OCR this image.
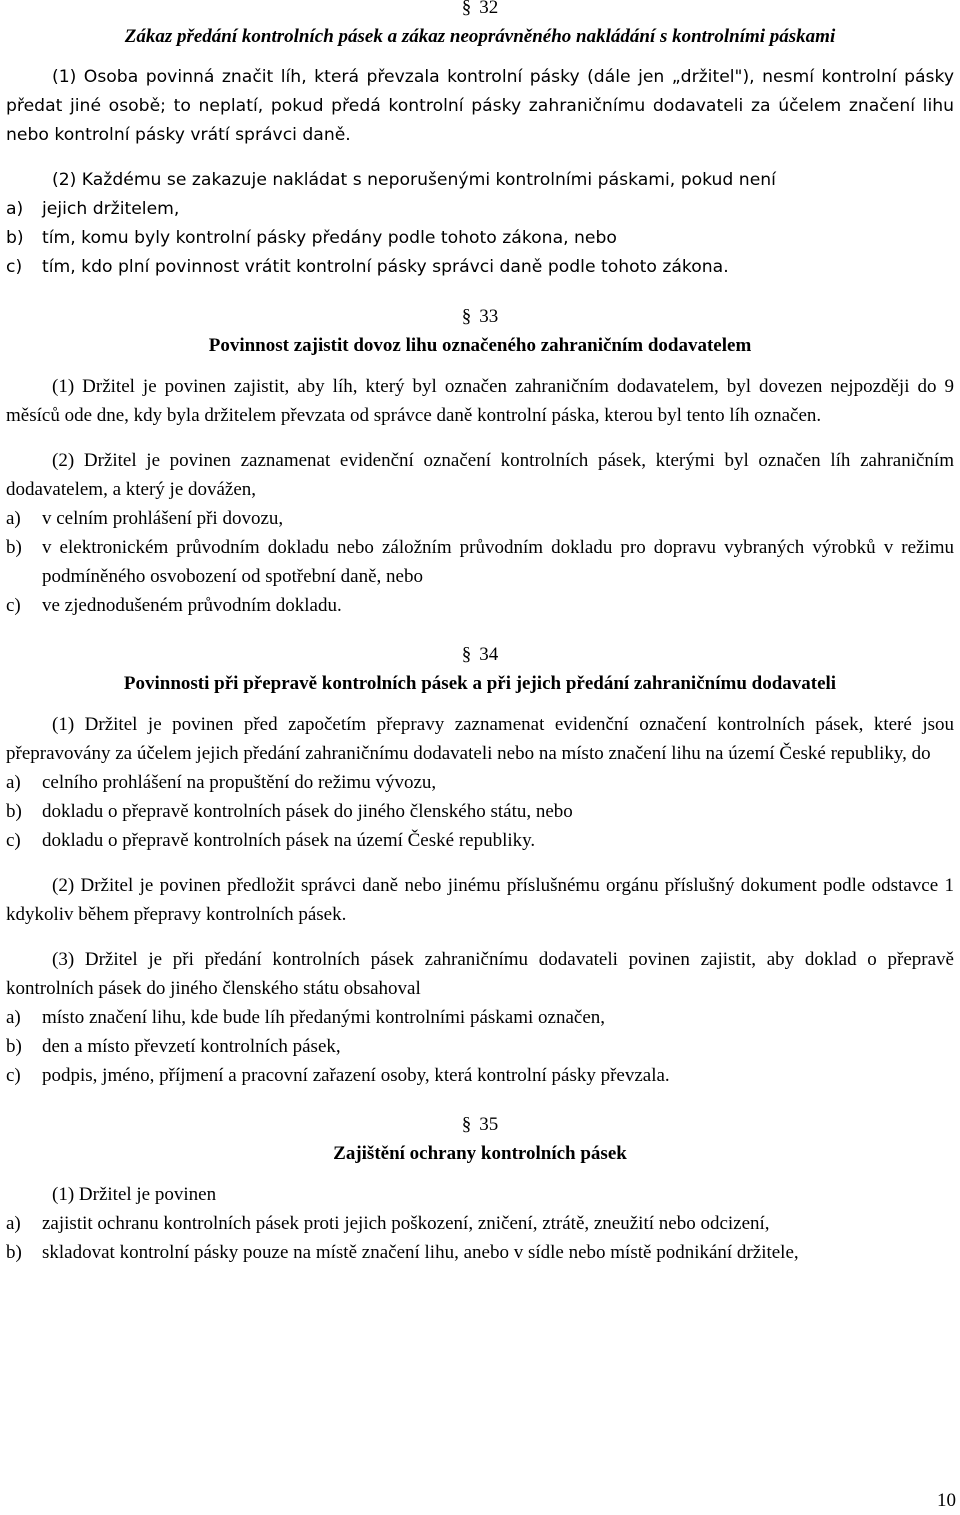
§ 32
Zákaz předání kontrolních pásek a zákaz neoprávněného nakládání s kontrolními páskami

(1) Osoba povinná značit líh, která převzala kontrolní pásky (dále jen „držitel"), nesmí kontrolní pásky předat jiné osobě; to neplatí, pokud předá kontrolní pásky zahraničnímu dodavateli za účelem značení lihu nebo kontrolní pásky vrátí správci daně.

(2) Každému se zakazuje nakládat s neporušenými kontrolními páskami, pokud není

a)	jejich držitelem,
b)	tím, komu byly kontrolní pásky předány podle tohoto zákona, nebo
c)	tím, kdo plní povinnost vrátit kontrolní pásky správci daně podle tohoto zákona.
§ 33
Povinnost zajistit dovoz lihu označeného zahraničním dodavatelem

(1) Držitel je povinen zajistit, aby líh, který byl označen zahraničním dodavatelem, byl dovezen nejpozději do 9 měsíců ode dne, kdy byla držitelem převzata od správce daně kontrolní páska, kterou byl tento líh označen.

(2) Držitel je povinen zaznamenat evidenční označení kontrolních pásek, kterými byl označen líh zahraničním dodavatelem, a který je dovážen,

a)	v celním prohlášení při dovozu,
b)	v elektronickém průvodním dokladu nebo záložním průvodním dokladu pro dopravu vybraných výrobků v režimu podmíněného osvobození od spotřební daně, nebo
c)	ve zjednodušeném průvodním dokladu.
§ 34
Povinnosti při přepravě kontrolních pásek a při jejich předání zahraničnímu dodavateli

(1) Držitel je povinen před započetím přepravy zaznamenat evidenční označení kontrolních pásek, které jsou přepravovány za účelem jejich předání zahraničnímu dodavateli nebo na místo značení lihu na území České republiky, do

a)	celního prohlášení na propuštění do režimu vývozu,
b)	dokladu o přepravě kontrolních pásek do jiného členského státu, nebo
c)	dokladu o přepravě kontrolních pásek na území České republiky.

(2) Držitel je povinen předložit správci daně nebo jinému příslušnému orgánu příslušný dokument podle odstavce 1 kdykoliv během přepravy kontrolních pásek.

(3) Držitel je při předání kontrolních pásek zahraničnímu dodavateli povinen zajistit, aby doklad o přepravě kontrolních pásek do jiného členského státu obsahoval

a)	místo značení lihu, kde bude líh předanými kontrolními páskami označen,
b)	den a místo převzetí kontrolních pásek,
c)	podpis, jméno, příjmení a pracovní zařazení osoby, která kontrolní pásky převzala.
§ 35
Zajištění ochrany kontrolních pásek

(1) Držitel je povinen

a)	zajistit ochranu kontrolních pásek proti jejich poškození, zničení, ztrátě, zneužití nebo odcizení,
b)	skladovat kontrolní pásky pouze na místě značení lihu, anebo v sídle nebo místě podnikání držitele,
10
